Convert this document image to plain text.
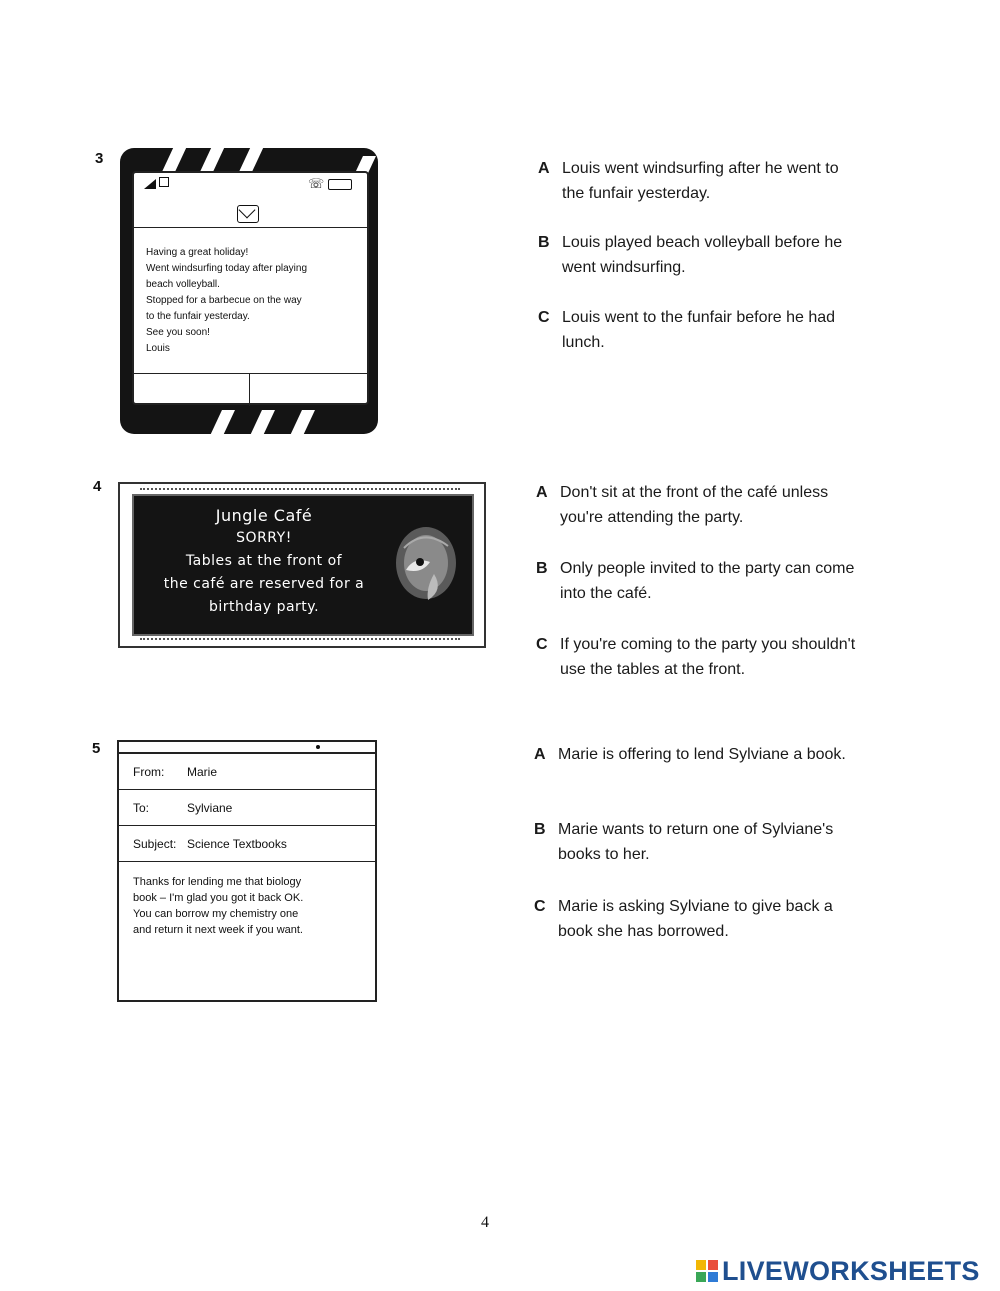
3
☏
Having a great holiday!
Went windsurfing today after playing
beach volleyball.
Stopped for a barbecue on the way
to the funfair yesterday.
See you soon!
Louis
A Louis went windsurfing after he went to the funfair yesterday.
B Louis played beach volleyball before he went windsurfing.
C Louis went to the funfair before he had lunch.
4
Jungle Café
SORRY!
Tables at the front of
the café are reserved for a
birthday party.
A Don't sit at the front of the café unless you're attending the party.
B Only people invited to the party can come into the café.
C If you're coming to the party you shouldn't use the tables at the front.
5
From: Marie
To:	Sylviane
Subject: Science Textbooks
Thanks for lending me that biology
book – I'm glad you got it back OK.
You can borrow my chemistry one
and return it next week if you want.
A Marie is offering to lend Sylviane a book.
B Marie wants to return one of Sylviane's books to her.
C Marie is asking Sylviane to give back a book she has borrowed.
4
LIVEWORKSHEETS
